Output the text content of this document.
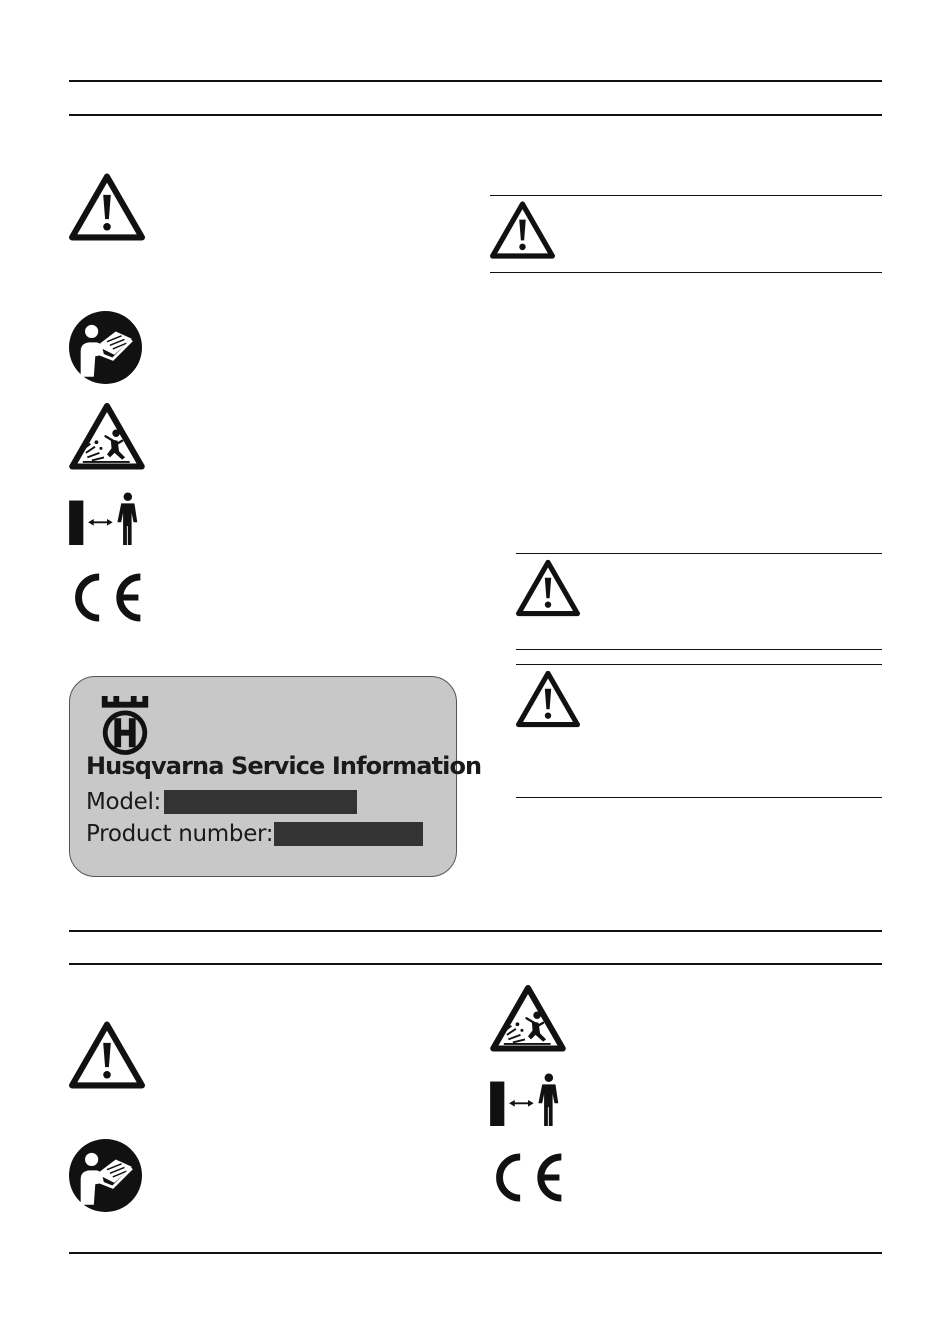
Husqvarna Service Information
Model:
Product number:
